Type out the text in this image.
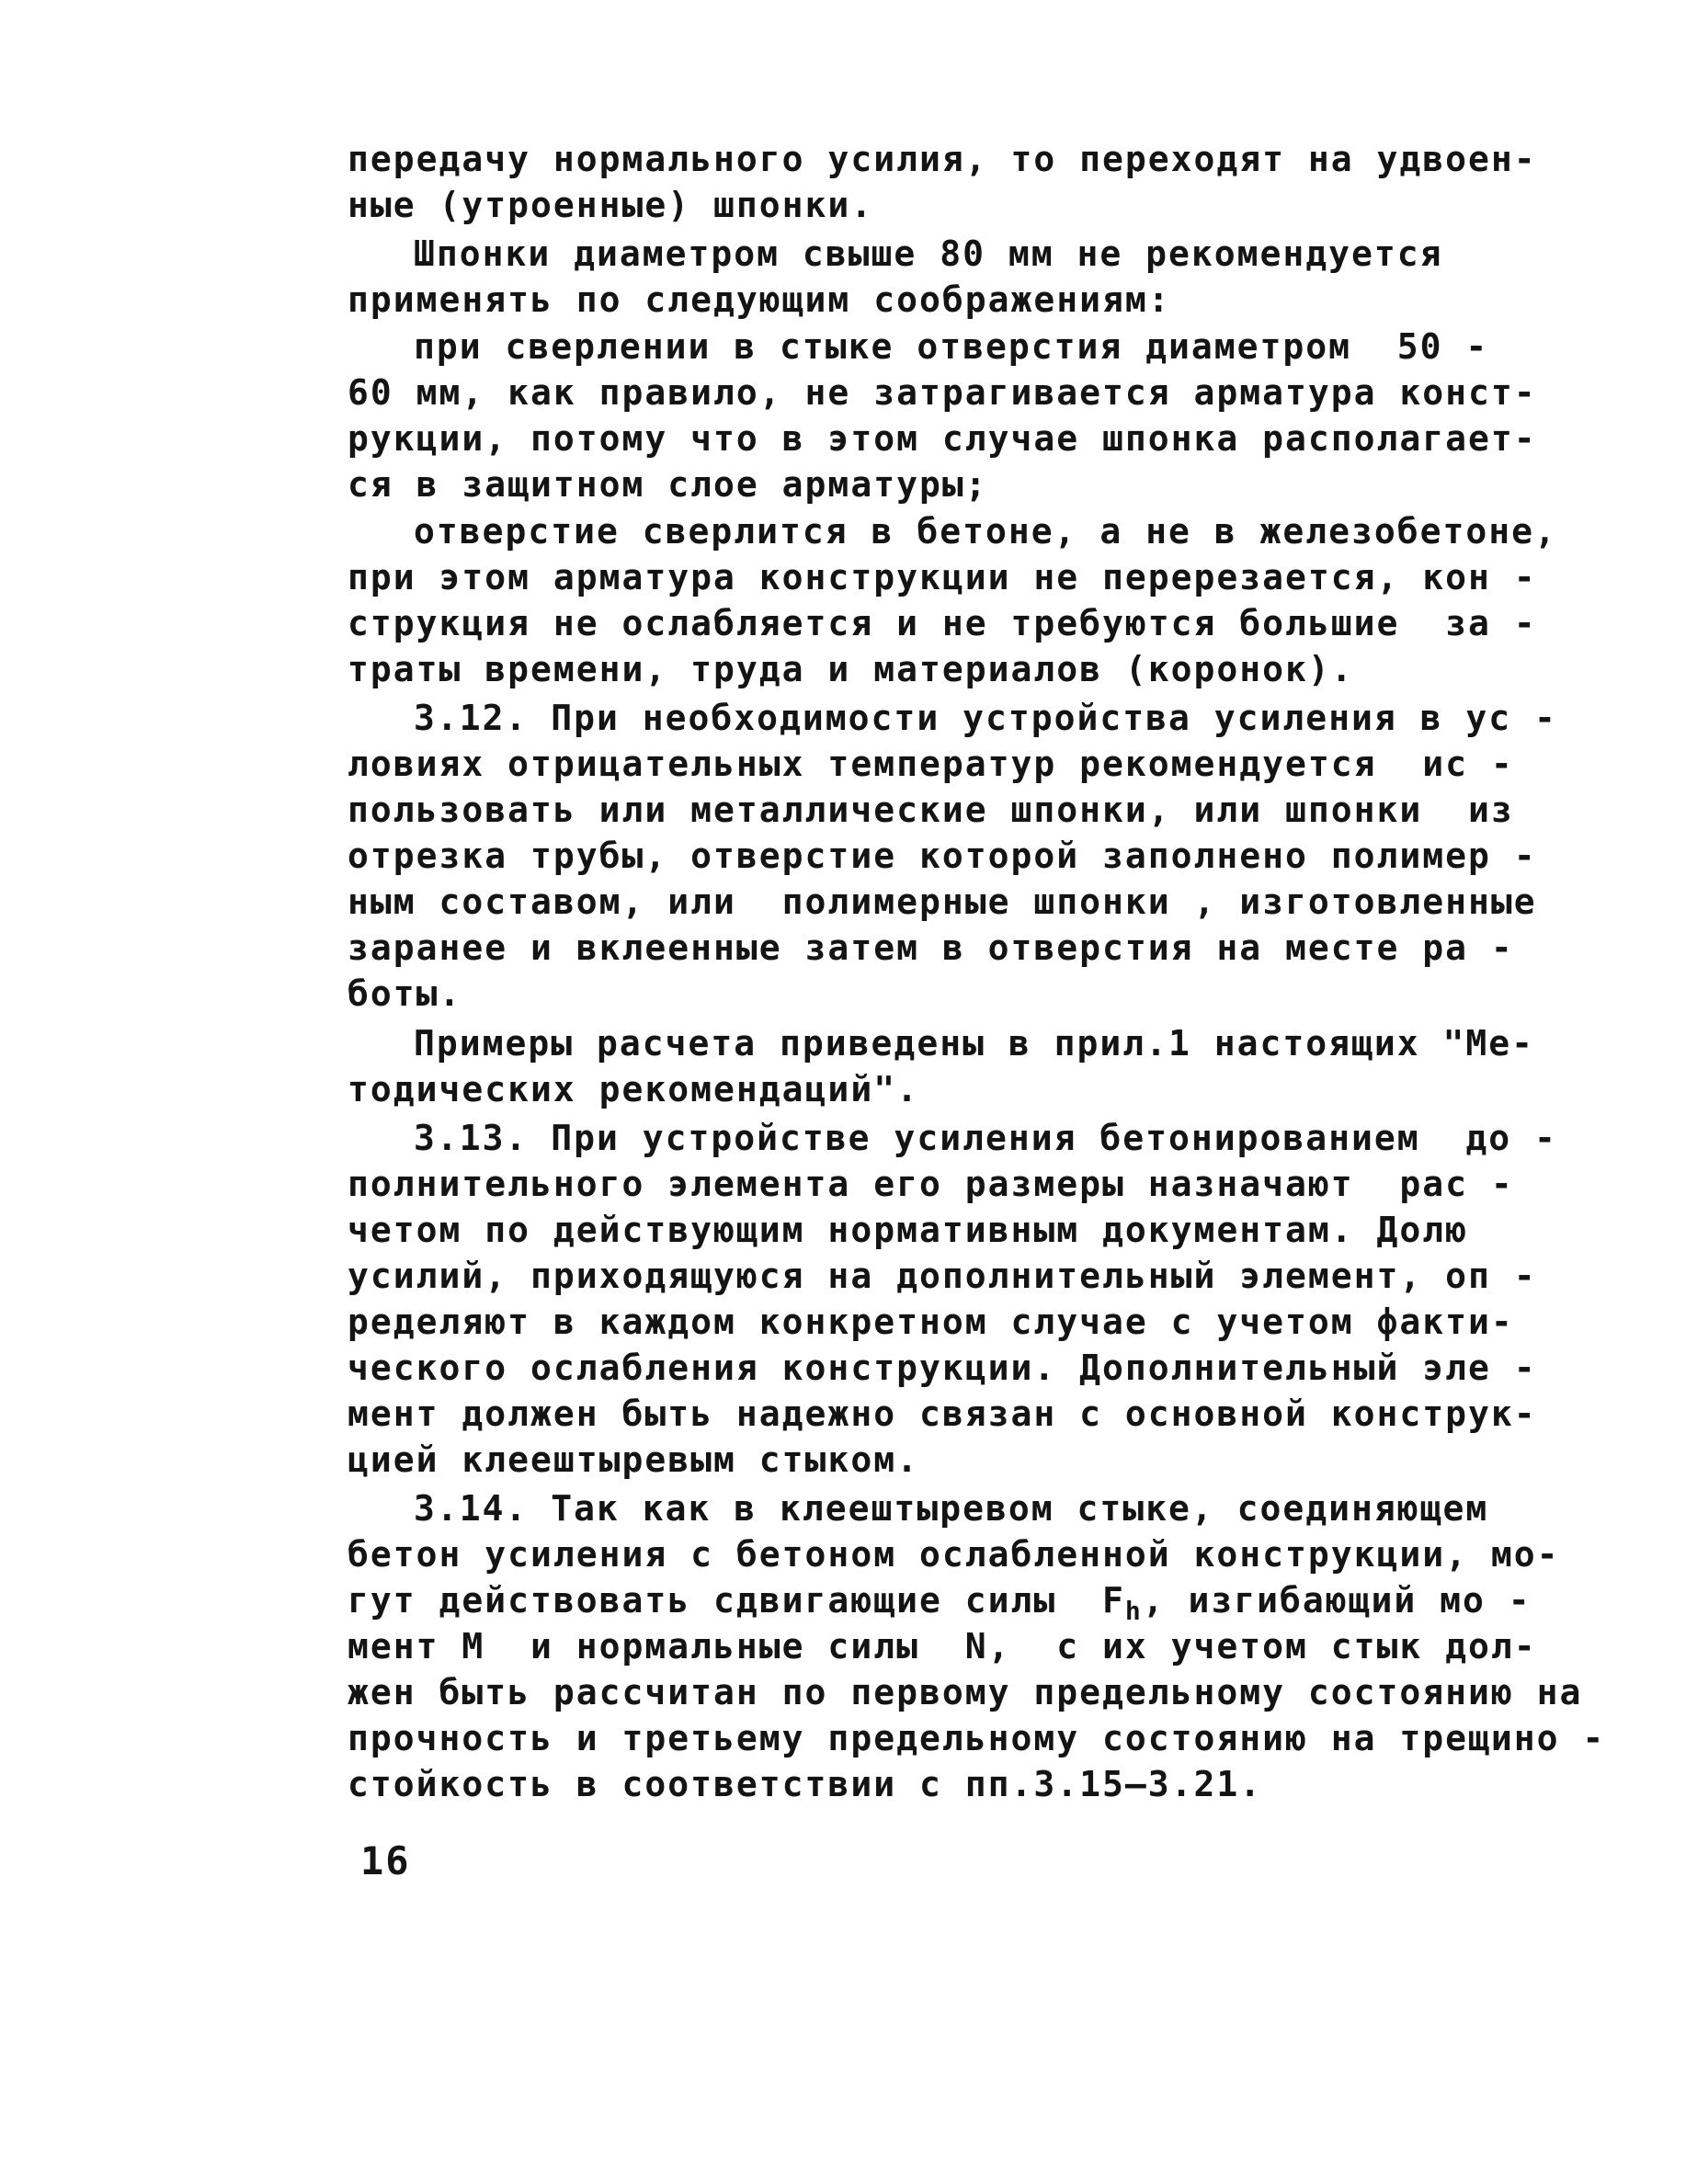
передачу нормального усилия, то переходят на удвоен-
ные (утроенные) шпонки.
Шпонки диаметром свыше 80 мм не рекомендуется
применять по следующим соображениям:
при сверлении в стыке отверстия диаметром  50 -
60 мм, как правило, не затрагивается арматура конст-
рукции, потому что в этом случае шпонка располагает-
ся в защитном слое арматуры;
отверстие сверлится в бетоне, а не в железобетоне,
при этом арматура конструкции не перерезается, кон -
струкция не ослабляется и не требуются большие  за -
траты времени, труда и материалов (коронок).
3.12. При необходимости устройства усиления в ус -
ловиях отрицательных температур рекомендуется  ис -
пользовать или металлические шпонки, или шпонки  из
отрезка трубы, отверстие которой заполнено полимер -
ным составом, или  полимерные шпонки , изготовленные
заранее и вклеенные затем в отверстия на месте ра -
боты.
Примеры расчета приведены в прил.1 настоящих "Ме-
тодических рекомендаций".
3.13. При устройстве усиления бетонированием  до -
полнительного элемента его размеры назначают  рас -
четом по действующим нормативным документам. Долю
усилий, приходящуюся на дополнительный элемент, оп -
ределяют в каждом конкретном случае с учетом факти-
ческого ослабления конструкции. Дополнительный эле -
мент должен быть надежно связан с основной конструк-
цией клеештыревым стыком.
3.14. Так как в клеештыревом стыке, соединяющем
бетон усиления с бетоном ослабленной конструкции, мо-
гут действовать сдвигающие силы  $F_h$, изгибающий мо -
мент M  и нормальные силы  N,  с их учетом стык дол-
жен быть рассчитан по первому предельному состоянию на
прочность и третьему предельному состоянию на трещино -
стойкость в соответствии с пп.3.15–3.21.
16
